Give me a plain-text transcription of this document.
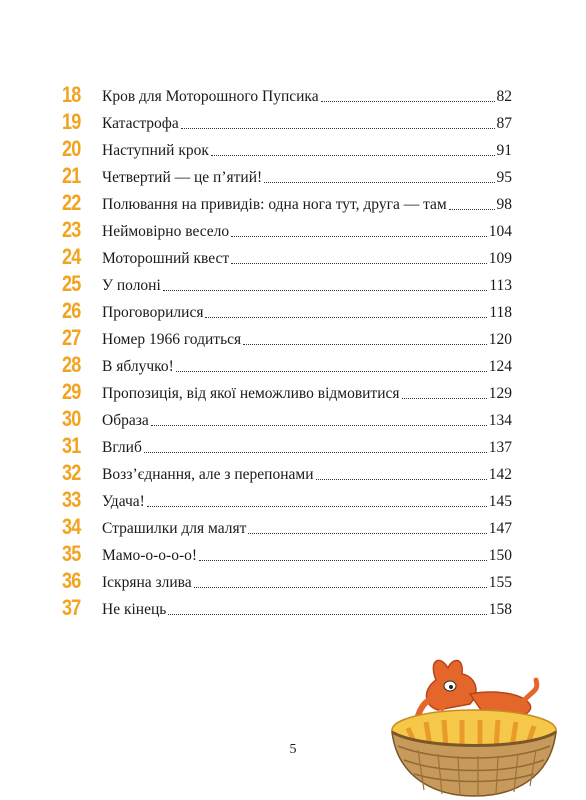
18	Кров для Моторошного Пупсика	82
19	Катастрофа	87
20	Наступний крок	91
21	Четвертий — це п’ятий!	95
22	Полювання на привидів: одна нога тут, друга — там	98
23	Неймовірно весело	104
24	Моторошний квест	109
25	У полоні	113
26	Проговорилися	118
27	Номер 1966 годиться	120
28	В яблучко!	124
29	Пропозиція, від якої неможливо відмовитися	129
30	Образа	134
31	Вглиб	137
32	Возз’єднання, але з перепонами	142
33	Удача!	145
34	Страшилки для малят	147
35	Мамо-о-о-о-о!	150
36	Іскряна злива	155
37	Не кінець	158
5
